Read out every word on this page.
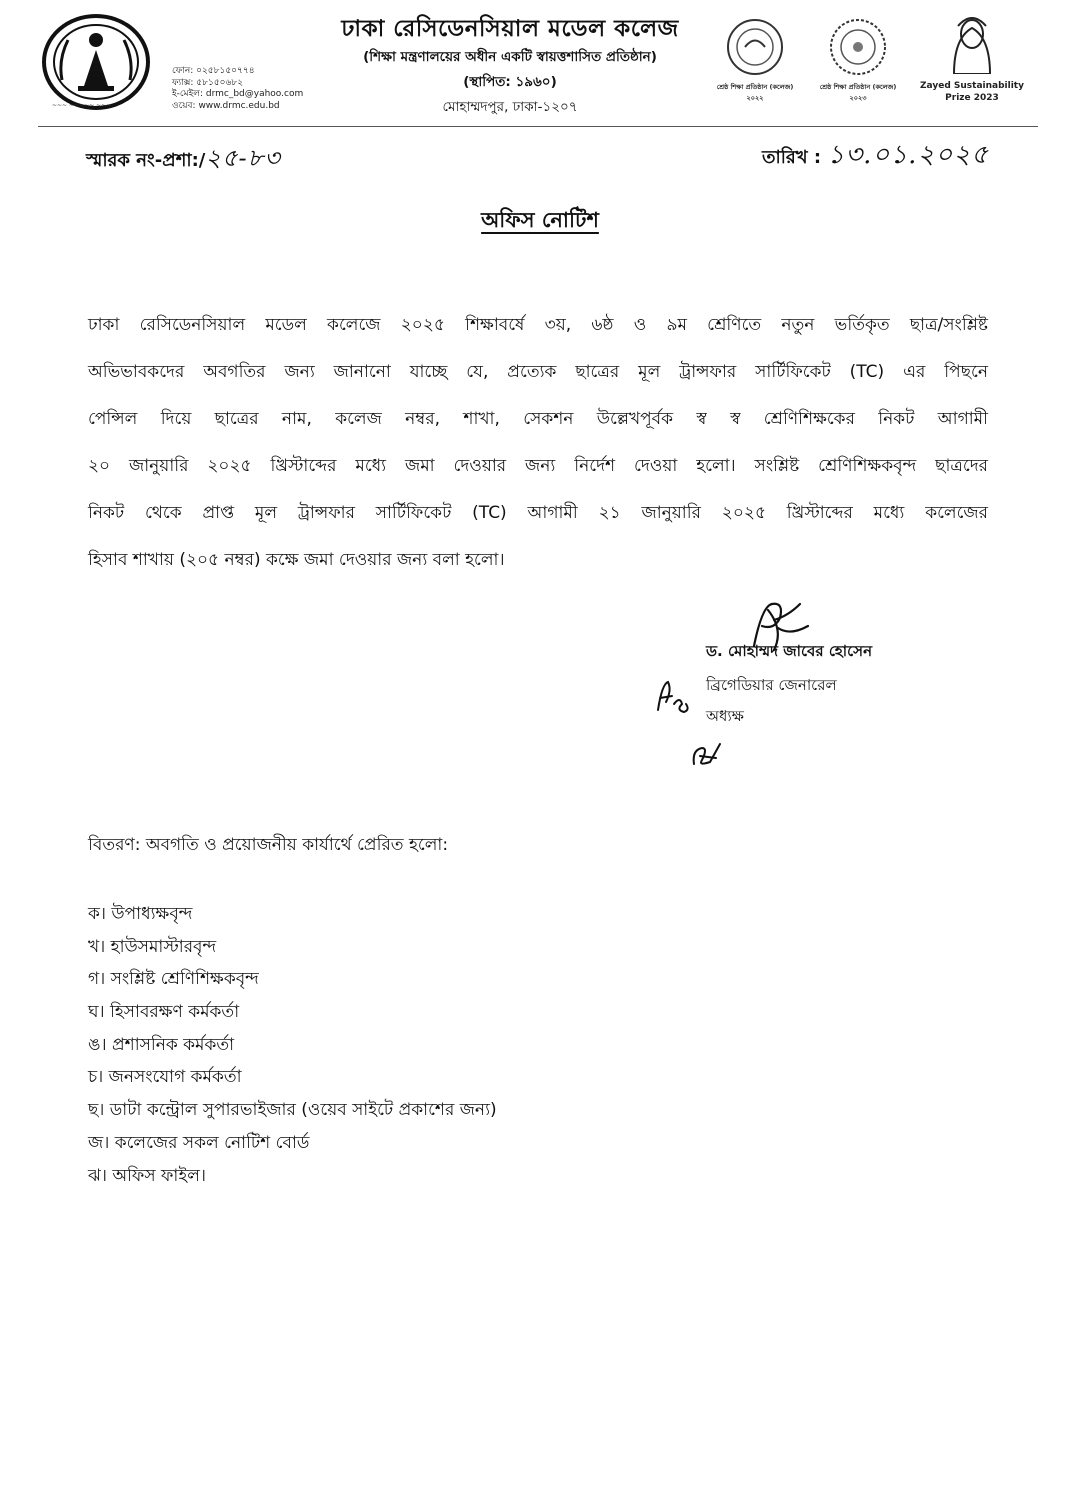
~~~ ~~~~~ ~~~
ফোন: ০২৫৮১৫০৭৭৪
ফ্যাক্স: ৫৮১৫০৬৮২
ই-মেইল: drmc_bd@yahoo.com
ওয়েব: www.drmc.edu.bd
ঢাকা রেসিডেনসিয়াল মডেল কলেজ
(শিক্ষা মন্ত্রণালয়ের অধীন একটি স্বায়ত্তশাসিত প্রতিষ্ঠান)
(স্থাপিত: ১৯৬০)
মোহাম্মদপুর, ঢাকা-১২০৭
শ্রেষ্ঠ শিক্ষা প্রতিষ্ঠান (কলেজ)
২০২২
শ্রেষ্ঠ শিক্ষা প্রতিষ্ঠান (কলেজ)
২০২৩
Zayed Sustainability
Prize 2023
স্মারক নং-প্রশা:/২৫-৮৩	তারিখ : ১৩.০১.২০২৫
অফিস নোটিশ
ঢাকা রেসিডেনসিয়াল মডেল কলেজে ২০২৫ শিক্ষাবর্ষে ৩য়, ৬ষ্ঠ ও ৯ম শ্রেণিতে নতুন ভর্তিকৃত ছাত্র/সংশ্লিষ্ট
অভিভাবকদের অবগতির জন্য জানানো যাচ্ছে যে, প্রত্যেক ছাত্রের মূল ট্রান্সফার সার্টিফিকেট (TC) এর পিছনে
পেন্সিল দিয়ে ছাত্রের নাম, কলেজ নম্বর, শাখা, সেকশন উল্লেখপূর্বক স্ব স্ব শ্রেণিশিক্ষকের নিকট আগামী
২০ জানুয়ারি ২০২৫ খ্রিস্টাব্দের মধ্যে জমা দেওয়ার জন্য নির্দেশ দেওয়া হলো। সংশ্লিষ্ট শ্রেণিশিক্ষকবৃন্দ ছাত্রদের
নিকট থেকে প্রাপ্ত মূল ট্রান্সফার সার্টিফিকেট (TC) আগামী ২১ জানুয়ারি ২০২৫ খ্রিস্টাব্দের মধ্যে কলেজের
হিসাব শাখায় (২০৫ নম্বর) কক্ষে জমা দেওয়ার জন্য বলা হলো।
ড. মোহাম্মদ জাবের হোসেন
ব্রিগেডিয়ার জেনারেল
অধ্যক্ষ
বিতরণ: অবগতি ও প্রয়োজনীয় কার্যার্থে প্রেরিত হলো:
ক। উপাধ্যক্ষবৃন্দ
খ। হাউসমাস্টারবৃন্দ
গ। সংশ্লিষ্ট শ্রেণিশিক্ষকবৃন্দ
ঘ। হিসাবরক্ষণ কর্মকর্তা
ঙ। প্রশাসনিক কর্মকর্তা
চ। জনসংযোগ কর্মকর্তা
ছ। ডাটা কন্ট্রোল সুপারভাইজার (ওয়েব সাইটে প্রকাশের জন্য)
জ। কলেজের সকল নোটিশ বোর্ড
ঝ। অফিস ফাইল।
